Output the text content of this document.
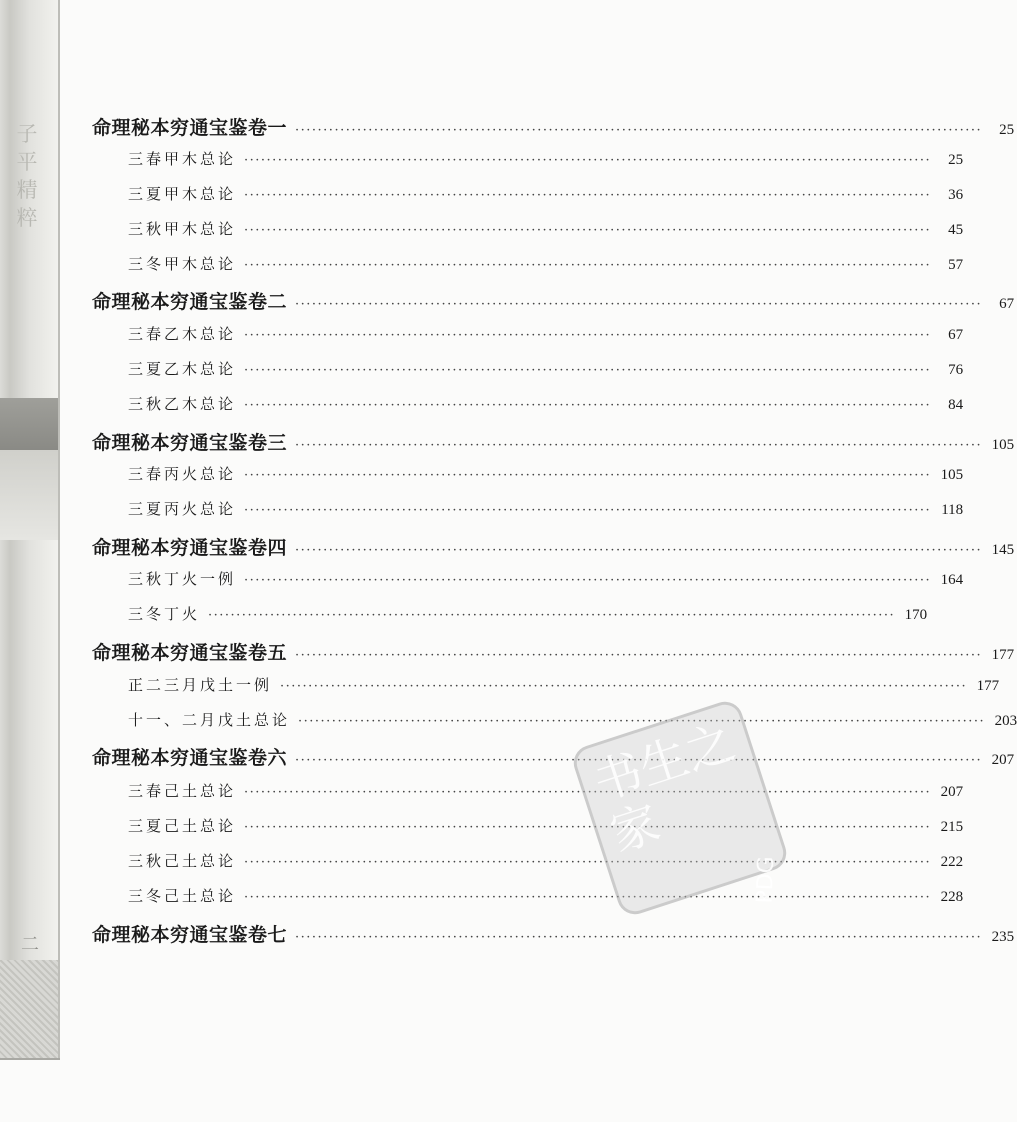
子平精粹
二
命理秘本穷通宝鉴卷一 ·····	25
三春甲木总论 ·····	25
三夏甲木总论 ·····	36
三秋甲木总论 ·····	45
三冬甲木总论 ·····	57
命理秘本穷通宝鉴卷二 ·····	67
三春乙木总论 ·····	67
三夏乙木总论 ·····	76
三秋乙木总论 ·····	84
命理秘本穷通宝鉴卷三 ·····	105
三春丙火总论 ·····	105
三夏丙火总论 ·····	118
命理秘本穷通宝鉴卷四 ·····	145
三秋丁火一例 ·····	164
三冬丁火 ·····	170
命理秘本穷通宝鉴卷五 ·····	177
正二三月戊土一例 ·····	177
十一、二月戊土总论 ·····	203
命理秘本穷通宝鉴卷六 ·····	207
三春己土总论 ·····	207
三夏己土总论 ·····	215
三秋己土总论 ·····	222
三冬己土总论 ·····	228
命理秘本穷通宝鉴卷七 ·····	235
书生之家
PDG
